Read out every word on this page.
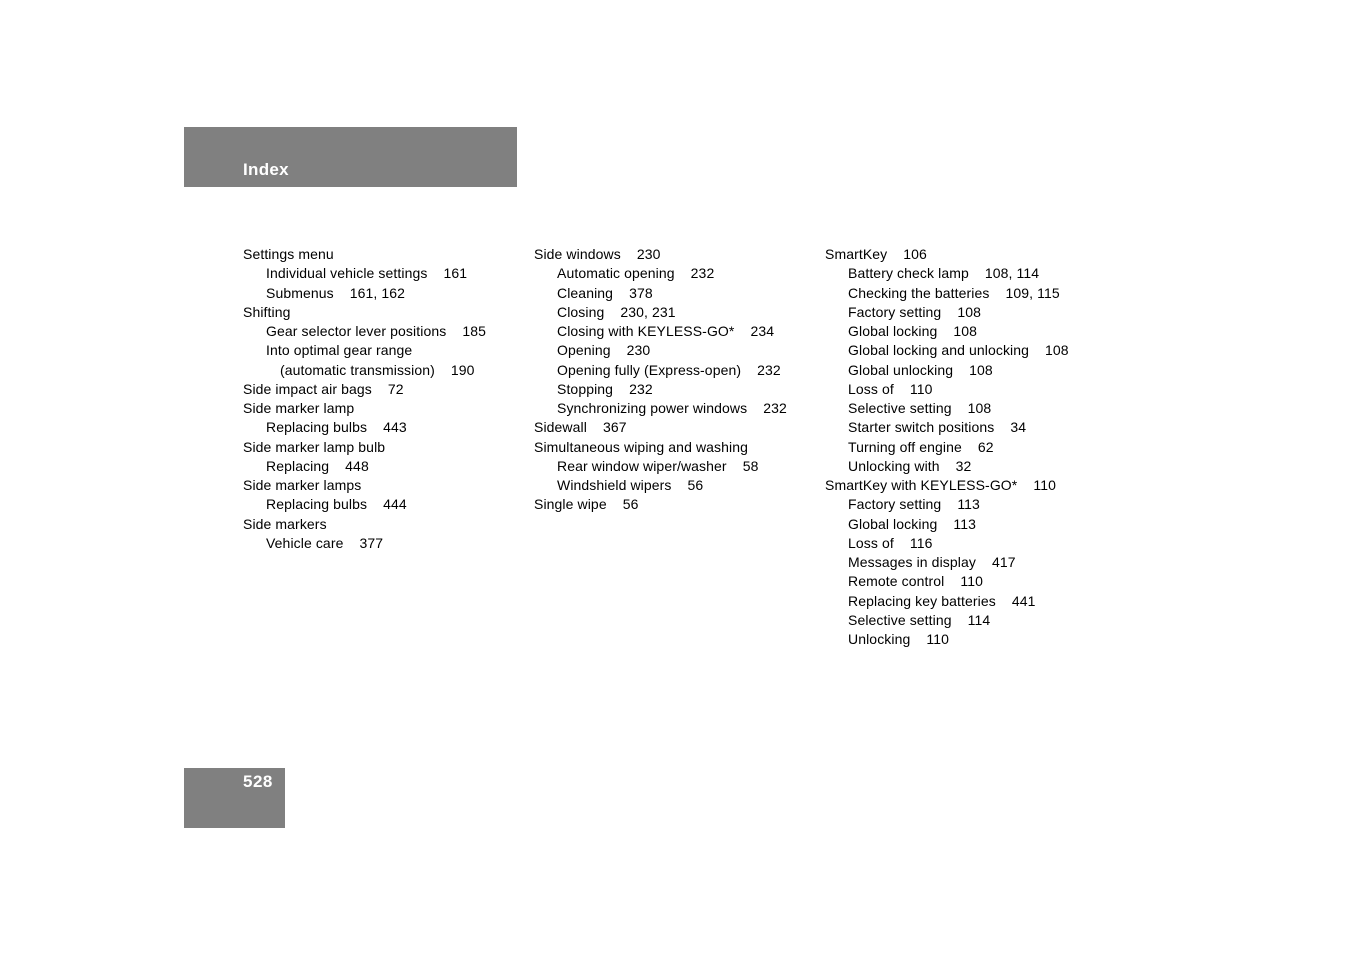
Index
Settings menu
Individual vehicle settings 161
Submenus 161, 162
Shifting
Gear selector lever positions 185
Into optimal gear range
(automatic transmission) 190
Side impact air bags 72
Side marker lamp
Replacing bulbs 443
Side marker lamp bulb
Replacing 448
Side marker lamps
Replacing bulbs 444
Side markers
Vehicle care 377
Side windows 230
Automatic opening 232
Cleaning 378
Closing 230, 231
Closing with KEYLESS-GO* 234
Opening 230
Opening fully (Express-open) 232
Stopping 232
Synchronizing power windows 232
Sidewall 367
Simultaneous wiping and washing
Rear window wiper/washer 58
Windshield wipers 56
Single wipe 56
SmartKey 106
Battery check lamp 108, 114
Checking the batteries 109, 115
Factory setting 108
Global locking 108
Global locking and unlocking 108
Global unlocking 108
Loss of 110
Selective setting 108
Starter switch positions 34
Turning off engine 62
Unlocking with 32
SmartKey with KEYLESS-GO* 110
Factory setting 113
Global locking 113
Loss of 116
Messages in display 417
Remote control 110
Replacing key batteries 441
Selective setting 114
Unlocking 110
528
